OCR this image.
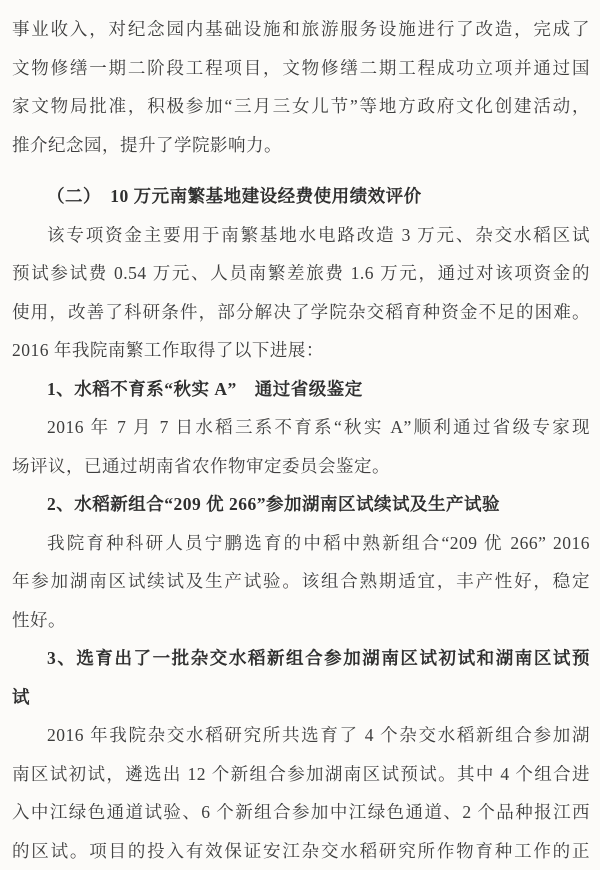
事业收入，对纪念园内基础设施和旅游服务设施进行了改造，完成了
文物修缮一期二阶段工程项目，文物修缮二期工程成功立项并通过国
家文物局批准，积极参加“三月三女儿节”等地方政府文化创建活动，
推介纪念园，提升了学院影响力。
（二）　10 万元南繁基地建设经费使用绩效评价
该专项资金主要用于南繁基地水电路改造 3 万元、杂交水稻区试
预试参试费 0.54 万元、人员南繁差旅费 1.6 万元，通过对该项资金的
使用，改善了科研条件，部分解决了学院杂交稻育种资金不足的困难。
2016 年我院南繁工作取得了以下进展：
1、水稻不育系“秋实 A”　通过省级鉴定
2016 年 7 月 7 日水稻三系不育系“秋实 A”顺利通过省级专家现
场评议，已通过胡南省农作物审定委员会鉴定。
2、水稻新组合“209 优 266”参加湖南区试续试及生产试验
我院育种科研人员宁鹏选育的中稻中熟新组合“209 优 266” 2016
年参加湖南区试续试及生产试验。该组合熟期适宜，丰产性好，稳定
性好。
3、选育出了一批杂交水稻新组合参加湖南区试初试和湖南区试预
试
2016 年我院杂交水稻研究所共选育了 4 个杂交水稻新组合参加湖
南区试初试，遴选出 12 个新组合参加湖南区试预试。其中 4 个组合进
入中江绿色通道试验、6 个新组合参加中江绿色通道、2 个品种报江西
的区试。项目的投入有效保证安江杂交水稻研究所作物育种工作的正
